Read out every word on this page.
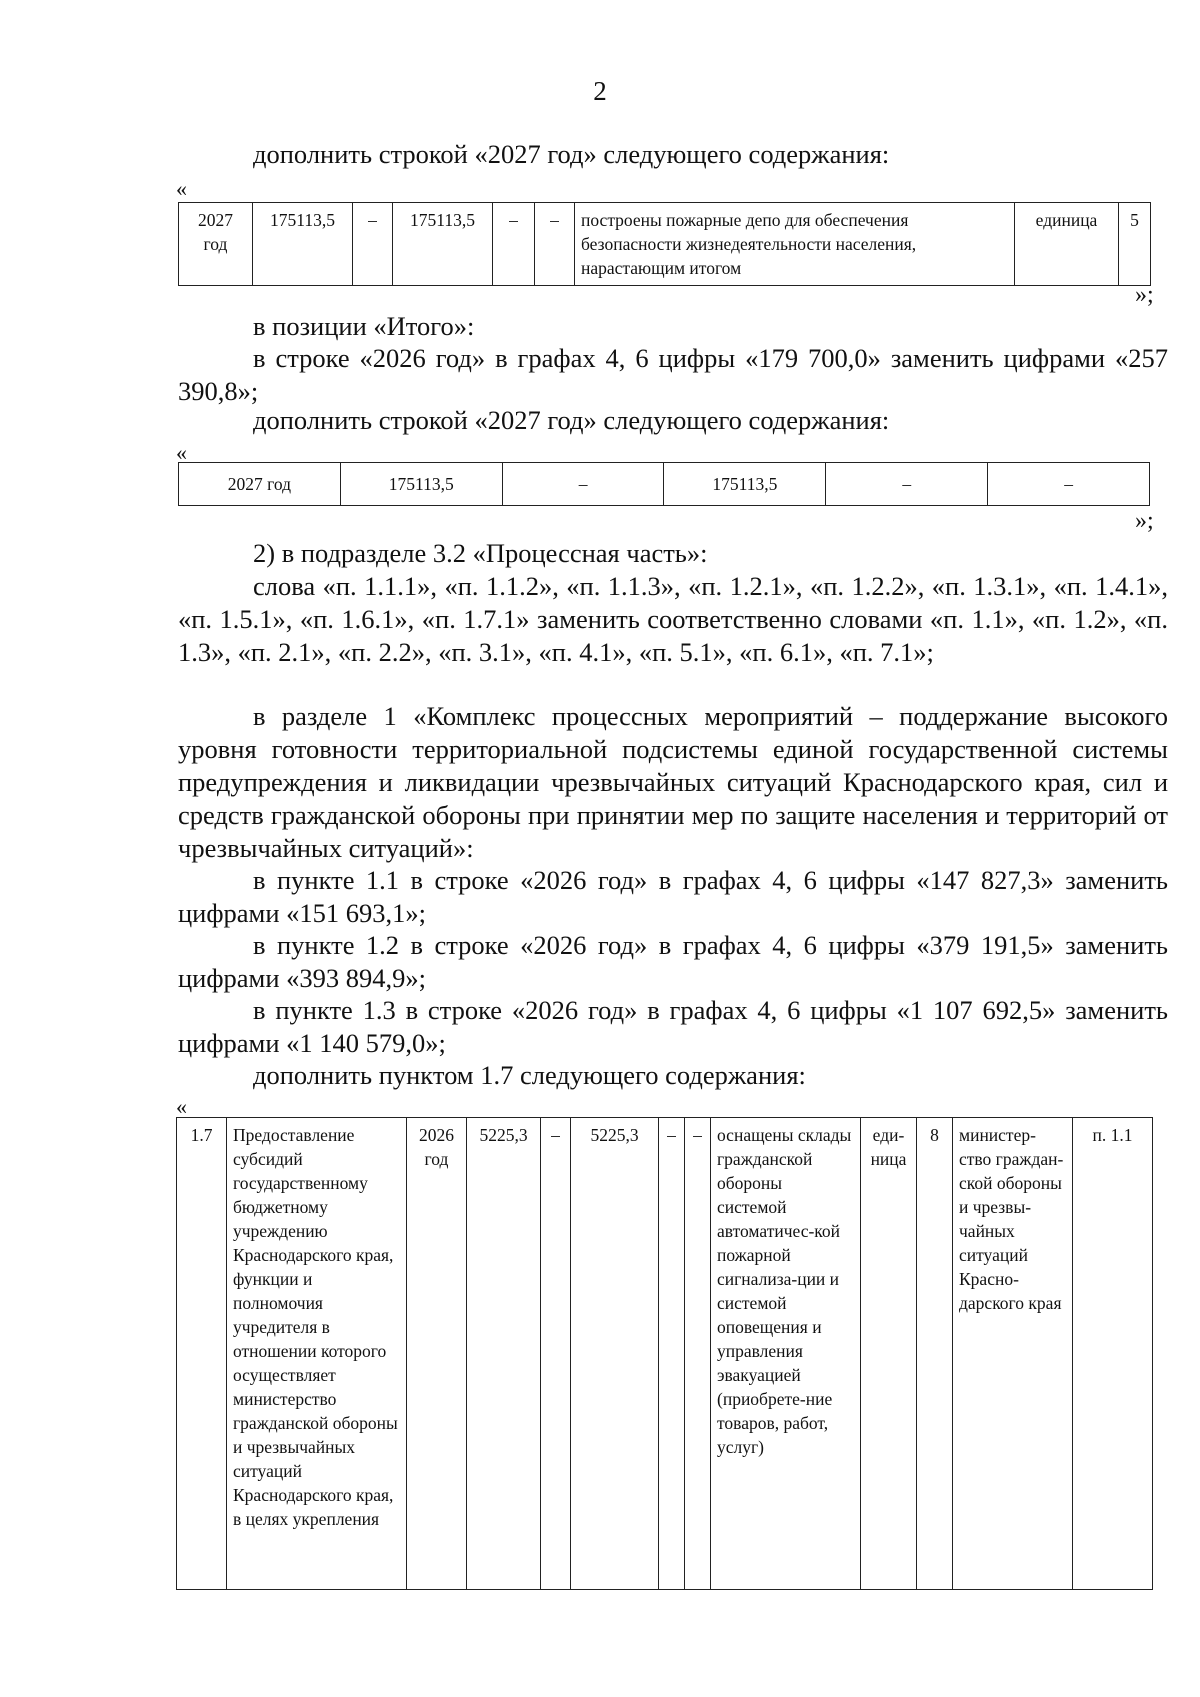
2

дополнить строкой «2027 год» следующего содержания:

«
2027 год	175113,5	–	175113,5	–	–	построены пожарные депо для обеспечения безопасности жизнедеятельности населения, нарастающим итогом	единица	5
»;

в позиции «Итого»:

в строке «2026 год» в графах 4, 6 цифры «179 700,0» заменить цифрами «257 390,8»;

дополнить строкой «2027 год» следующего содержания:

«
2027 год	175113,5	–	175113,5	–	–
»;

2) в подразделе 3.2 «Процессная часть»:

слова «п. 1.1.1», «п. 1.1.2», «п. 1.1.3», «п. 1.2.1», «п. 1.2.2», «п. 1.3.1», «п. 1.4.1», «п. 1.5.1», «п. 1.6.1», «п. 1.7.1» заменить соответственно словами «п. 1.1», «п. 1.2», «п. 1.3», «п. 2.1», «п. 2.2», «п. 3.1», «п. 4.1», «п. 5.1», «п. 6.1», «п. 7.1»;

в разделе 1 «Комплекс процессных мероприятий – поддержание высокого уровня готовности территориальной подсистемы единой государственной системы предупреждения и ликвидации чрезвычайных ситуаций Краснодарского края, сил и средств гражданской обороны при принятии мер по защите населения и территорий от чрезвычайных ситуаций»:

в пункте 1.1 в строке «2026 год» в графах 4, 6 цифры «147 827,3» заменить цифрами «151 693,1»;

в пункте 1.2 в строке «2026 год» в графах 4, 6 цифры «379 191,5» заменить цифрами «393 894,9»;

в пункте 1.3 в строке «2026 год» в графах 4, 6 цифры «1 107 692,5» заменить цифрами «1 140 579,0»;

дополнить пунктом 1.7 следующего содержания:

«
1.7	Предоставление субсидий государственному бюджетному учреждению Краснодарского края, функции и полномочия учредителя в отношении которого осуществляет министерство гражданской обороны и чрезвычайных ситуаций Краснодарского края, в целях укрепления	2026 год	5225,3	–	5225,3	–	–	оснащены склады гражданской обороны системой автоматичес-кой пожарной сигнализа-ции и системой оповещения и управления эвакуацией (приобрете-ние товаров, работ, услуг)	еди-ница	8	министер-ство граждан-ской обороны и чрезвы-чайных ситуаций Красно-дарского края	п. 1.1
